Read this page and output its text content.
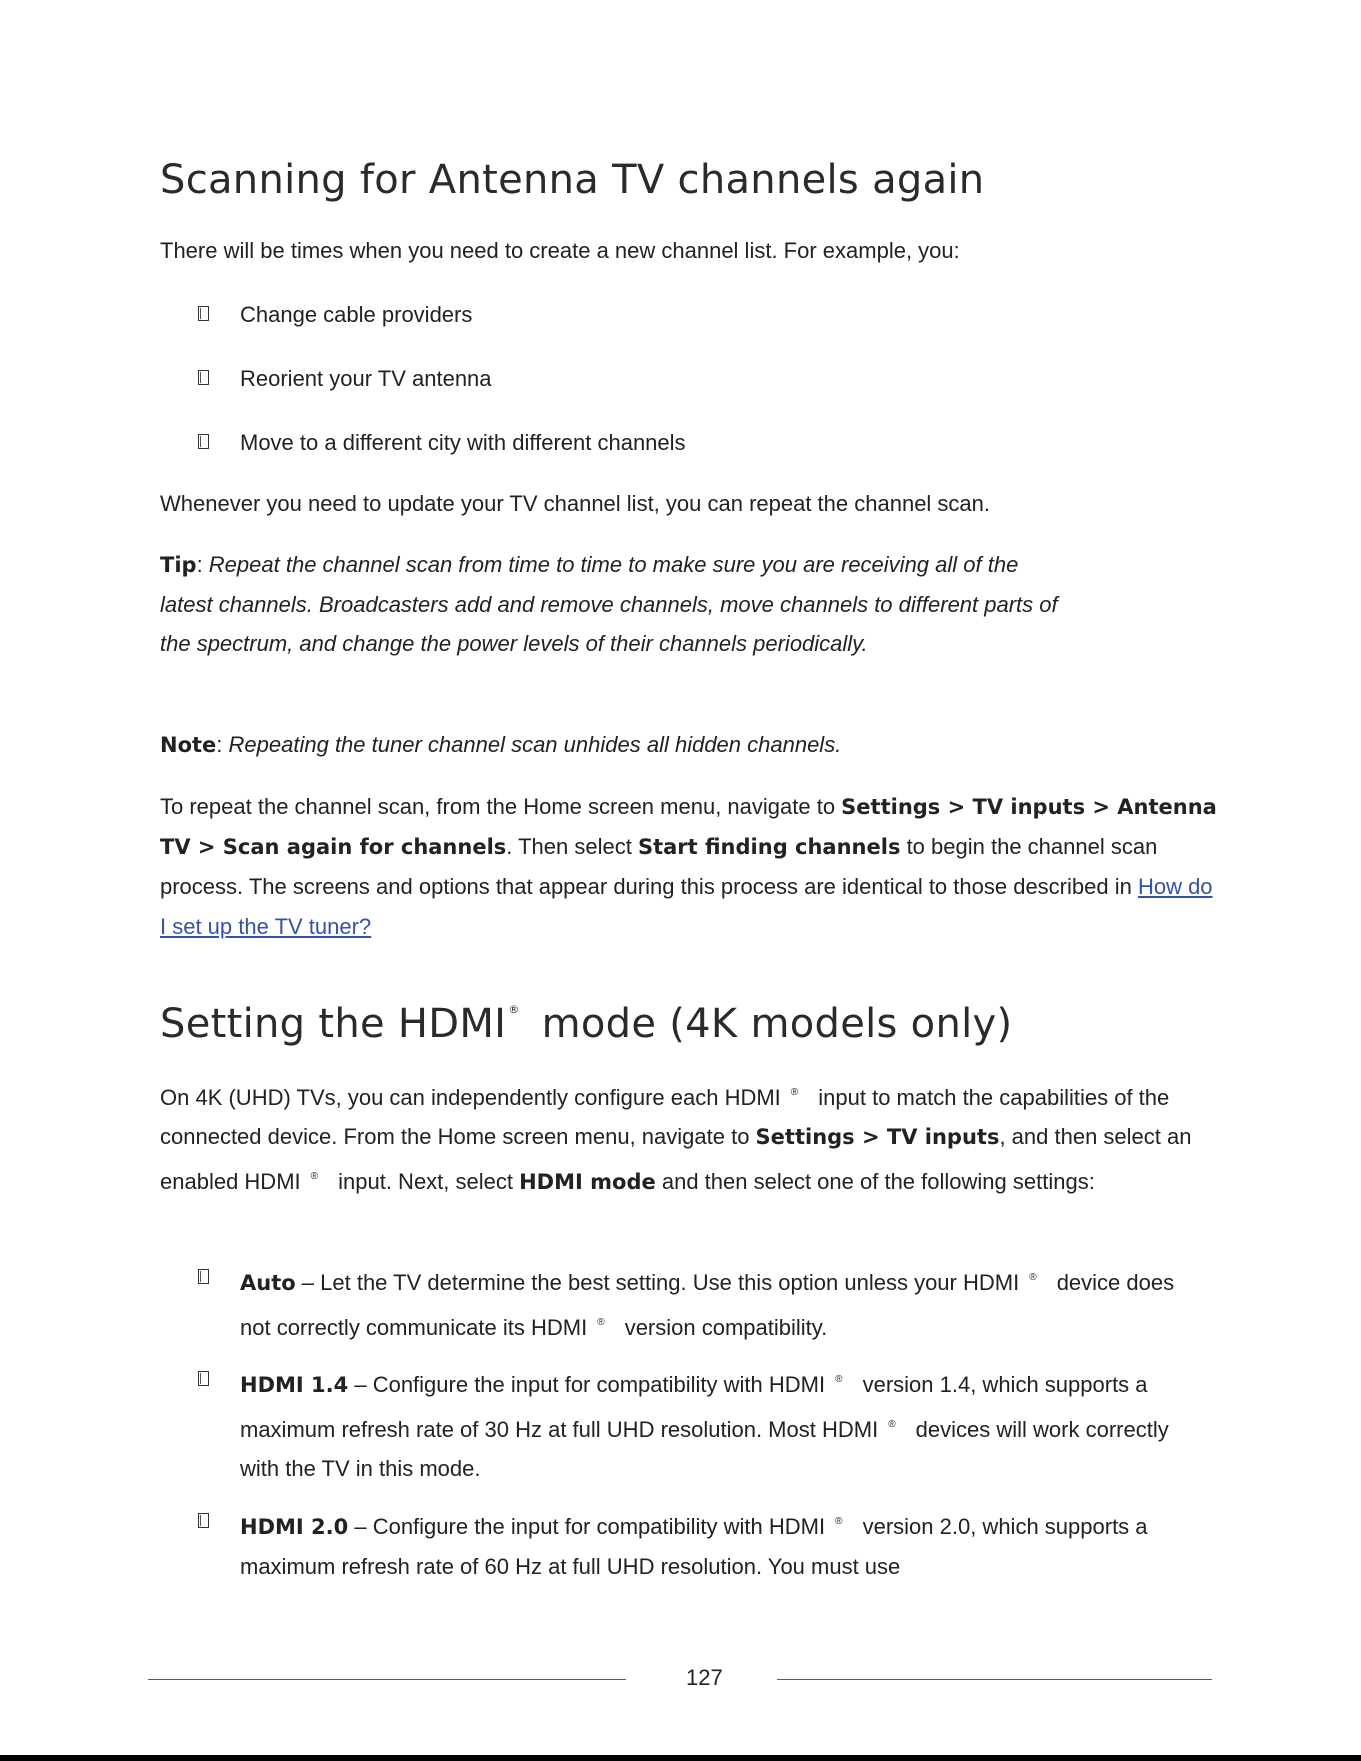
Scanning for Antenna TV channels again

There will be times when you need to create a new channel list. For example, you:

Change cable providers
Reorient your TV antenna
Move to a different city with different channels

Whenever you need to update your TV channel list, you can repeat the channel scan.

Tip: Repeat the channel scan from time to time to make sure you are receiving all of the latest channels. Broadcasters add and remove channels, move channels to different parts of the spectrum, and change the power levels of their channels periodically.

Note: Repeating the tuner channel scan unhides all hidden channels.

To repeat the channel scan, from the Home screen menu, navigate to Settings > TV inputs > Antenna TV > Scan again for channels. Then select Start finding channels to begin the channel scan process. The screens and options that appear during this process are identical to those described in How do I set up the TV tuner?

Setting the HDMI ® mode (4K models only)

On 4K (UHD) TVs, you can independently configure each HDMI ® input to match the capabilities of the connected device. From the Home screen menu, navigate to Settings > TV inputs, and then select an enabled HDMI ® input. Next, select HDMI mode and then select one of the following settings:

Auto – Let the TV determine the best setting. Use this option unless your HDMI ® device does not correctly communicate its HDMI ® version compatibility.
HDMI 1.4 – Configure the input for compatibility with HDMI ® version 1.4, which supports a maximum refresh rate of 30 Hz at full UHD resolution. Most HDMI ® devices will work correctly with the TV in this mode.
HDMI 2.0 – Configure the input for compatibility with HDMI ® version 2.0, which supports a maximum refresh rate of 60 Hz at full UHD resolution. You must use
127
